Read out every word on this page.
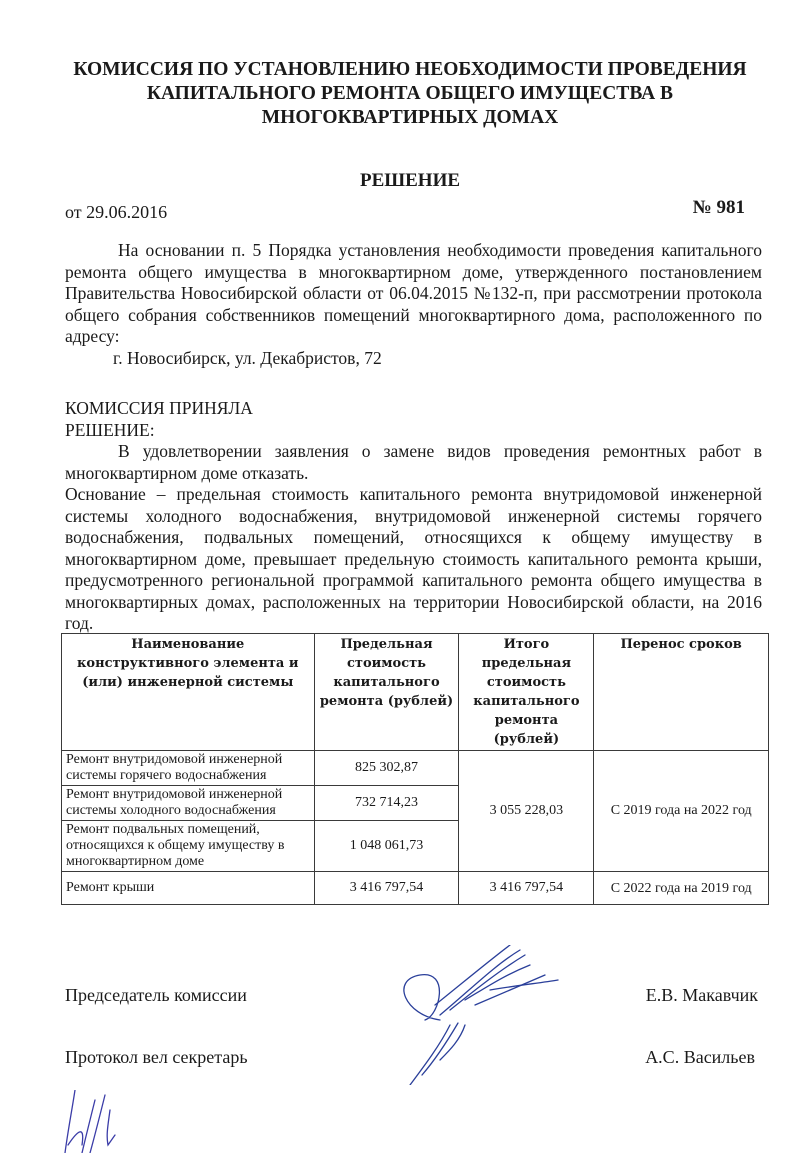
КОМИССИЯ ПО УСТАНОВЛЕНИЮ НЕОБХОДИМОСТИ ПРОВЕДЕНИЯ
КАПИТАЛЬНОГО РЕМОНТА ОБЩЕГО ИМУЩЕСТВА В
МНОГОКВАРТИРНЫХ ДОМАХ
РЕШЕНИЕ
от 29.06.2016	№ 981

На основании п. 5 Порядка установления необходимости проведения капитального ремонта общего имущества в многоквартирном доме, утвержденного постановлением Правительства Новосибирской области от 06.04.2015 №132-п, при рассмотрении протокола общего собрания собственников помещений многоквартирного дома, расположенного по адресу:

г. Новосибирск, ул. Декабристов, 72

КОМИССИЯ ПРИНЯЛА

РЕШЕНИЕ:

В удовлетворении заявления о замене видов проведения ремонтных работ в многоквартирном доме отказать.

Основание – предельная стоимость капитального ремонта внутридомовой инженерной системы холодного водоснабжения, внутридомовой инженерной системы горячего водоснабжения, подвальных помещений, относящихся к общему имуществу в многоквартирном доме, превышает предельную стоимость капитального ремонта крыши, предусмотренного региональной программой капитального ремонта общего имущества в многоквартирных домах, расположенных на территории Новосибирской области, на 2016 год.

Наименование конструктивного элемента и (или) инженерной системы	Предельная стоимость капитального ремонта (рублей)	Итого предельная стоимость капитального ремонта (рублей)	Перенос сроков
Ремонт внутридомовой инженерной системы горячего водоснабжения	825 302,87	3 055 228,03	С 2019 года на 2022 год
Ремонт внутридомовой инженерной системы холодного водоснабжения	732 714,23		
Ремонт подвальных помещений, относящихся к общему имуществу в многоквартирном доме	1 048 061,73		
Ремонт крыши	3 416 797,54	3 416 797,54	С 2022 года на 2019 год
Председатель комиссии	Е.В. Макавчик
Протокол вел секретарь	А.С. Васильев
